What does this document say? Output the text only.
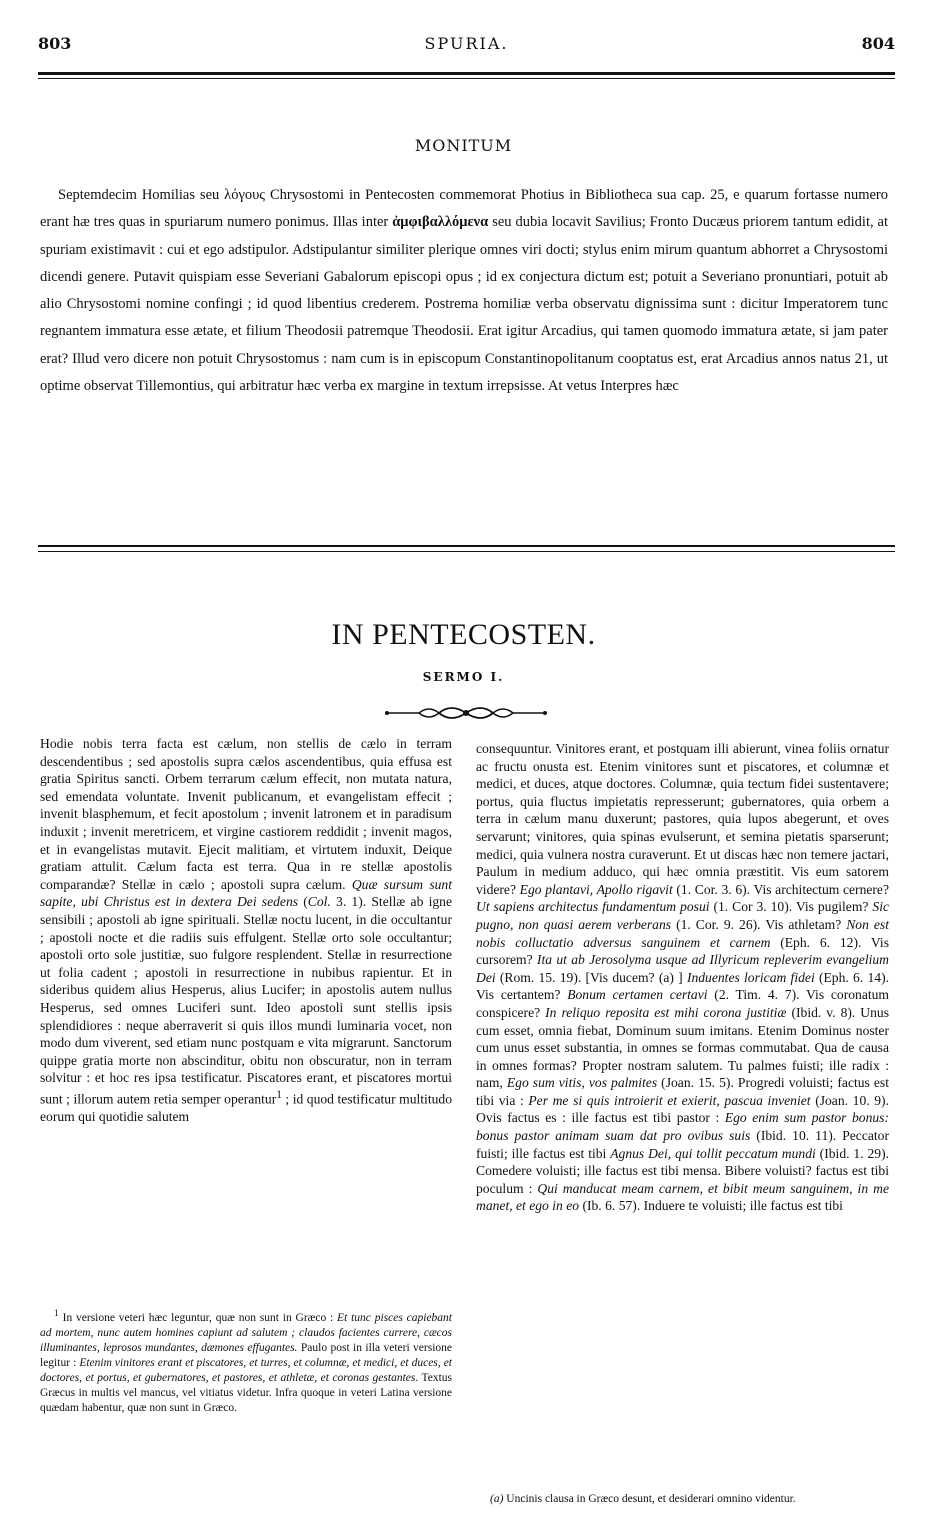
803	SPURIA.	804
MONITUM
Septemdecim Homilias seu λόγους Chrysostomi in Pentecosten commemorat Photius in Bibliotheca sua cap. 25, e quarum fortasse numero erant hæ tres quas in spuriarum numero ponimus. Illas inter ἀμφιβαλλόμενα seu dubia locavit Savilius; Fronto Ducæus priorem tantum edidit, at spuriam existimavit : cui et ego adstipulor. Adstipulantur similiter plerique omnes viri docti; stylus enim mirum quantum abhorret a Chrysostomi dicendi genere. Putavit quispiam esse Severiani Gabalorum episcopi opus ; id ex conjectura dictum est; potuit a Severiano pronuntiari, potuit ab alio Chrysostomi nomine confingi ; id quod libentius crederem. Postrema homiliæ verba observatu dignissima sunt : dicitur Imperatorem tunc regnantem immatura esse ætate, et filium Theodosii patremque Theodosii. Erat igitur Arcadius, qui tamen quomodo immatura ætate, si jam pater erat? Illud vero dicere non potuit Chrysostomus : nam cum is in episcopum Constantinopolitanum cooptatus est, erat Arcadius annos natus 21, ut optime observat Tillemontius, qui arbitratur hæc verba ex margine in textum irrepsisse. At vetus Interpres hæc
IN PENTECOSTEN.
SERMO I.

Hodie nobis terra facta est cælum, non stellis de cælo in terram descendentibus ; sed apostolis supra cælos ascendentibus, quia effusa est gratia Spiritus sancti. Orbem terrarum cælum effecit, non mutata natura, sed emendata voluntate. Invenit publicanum, et evangelistam effecit ; invenit blasphemum, et fecit apostolum ; invenit latronem et in paradisum induxit ; invenit meretricem, et virgine castiorem reddidit ; invenit magos, et in evangelistas mutavit. Ejecit malitiam, et virtutem induxit, Deique gratiam attulit. Cælum facta est terra. Qua in re stellæ apostolis comparandæ? Stellæ in cælo ; apostoli supra cælum. Quæ sursum sunt sapite, ubi Christus est in dextera Dei sedens (Col. 3. 1). Stellæ ab igne sensibili ; apostoli ab igne spirituali. Stellæ noctu lucent, in die occultantur ; apostoli nocte et die radiis suis effulgent. Stellæ orto sole occultantur; apostoli orto sole justitiæ, suo fulgore resplendent. Stellæ in resurrectione ut folia cadent ; apostoli in resurrectione in nubibus rapientur. Et in sideribus quidem alius Hesperus, alius Lucifer; in apostolis autem nullus Hesperus, sed omnes Luciferi sunt. Ideo apostoli sunt stellis ipsis splendidiores : neque aberraverit si quis illos mundi luminaria vocet, non modo dum viverent, sed etiam nunc postquam e vita migrarunt. Sanctorum quippe gratia morte non abscinditur, obitu non obscuratur, non in terram solvitur : et hoc res ipsa testificatur. Piscatores erant, et piscatores mortui sunt ; illorum autem retia semper operantur$^1$ ; id quod testificatur multitudo eorum qui quotidie salutem

$^1$ In versione veteri hæc leguntur, quæ non sunt in Græco : Et tunc pisces capiebant ad mortem, nunc autem homines capiunt ad salutem ; claudos facientes currere, cæcos illuminantes, leprosos mundantes, dæmones effugantes. Paulo post in illa veteri versione legitur : Etenim vinitores erant et piscatores, et turres, et columnæ, et medici, et duces, et doctores, et portus, et gubernatores, et pastores, et athletæ, et coronas gestantes. Textus Græcus in multis vel mancus, vel vitiatus videtur. Infra quoque in veteri Latina versione quædam habentur, quæ non sunt in Græco.

consequuntur. Vinitores erant, et postquam illi abierunt, vinea foliis ornatur ac fructu onusta est. Etenim vinitores sunt et piscatores, et columnæ et medici, et duces, atque doctores. Columnæ, quia tectum fidei sustentavere; portus, quia fluctus impietatis represserunt; gubernatores, quia orbem a terra in cælum manu duxerunt; pastores, quia lupos abegerunt, et oves servarunt; vinitores, quia spinas evulserunt, et semina pietatis sparserunt; medici, quia vulnera nostra curaverunt. Et ut discas hæc non temere jactari, Paulum in medium adduco, qui hæc omnia præstitit. Vis eum satorem videre? Ego plantavi, Apollo rigavit (1. Cor. 3. 6). Vis architectum cernere? Ut sapiens architectus fundamentum posui (1. Cor 3. 10). Vis pugilem? Sic pugno, non quasi aerem verberans (1. Cor. 9. 26). Vis athletam? Non est nobis colluctatio adversus sanguinem et carnem (Eph. 6. 12). Vis cursorem? Ita ut ab Jerosolyma usque ad Illyricum repleverim evangelium Dei (Rom. 15. 19). [Vis ducem? (a) ] Induentes loricam fidei (Eph. 6. 14). Vis certantem? Bonum certamen certavi (2. Tim. 4. 7). Vis coronatum conspicere? In reliquo reposita est mihi corona justitiæ (Ibid. v. 8). Unus cum esset, omnia fiebat, Dominum suum imitans. Etenim Dominus noster cum unus esset substantia, in omnes se formas commutabat. Qua de causa in omnes formas? Propter nostram salutem. Tu palmes fuisti; ille radix : nam, Ego sum vitis, vos palmites (Joan. 15. 5). Progredi voluisti; factus est tibi via : Per me si quis introierit et exierit, pascua inveniet (Joan. 10. 9). Ovis factus es : ille factus est tibi pastor : Ego enim sum pastor bonus: bonus pastor animam suam dat pro ovibus suis (Ibid. 10. 11). Peccator fuisti; ille factus est tibi Agnus Dei, qui tollit peccatum mundi (Ibid. 1. 29). Comedere voluisti; ille factus est tibi mensa. Bibere voluisti? factus est tibi poculum : Qui manducat meam carnem, et bibit meum sanguinem, in me manet, et ego in eo (Ib. 6. 57). Induere te voluisti; ille factus est tibi

(a) Uncinis clausa in Græco desunt, et desiderari omnino videntur.
